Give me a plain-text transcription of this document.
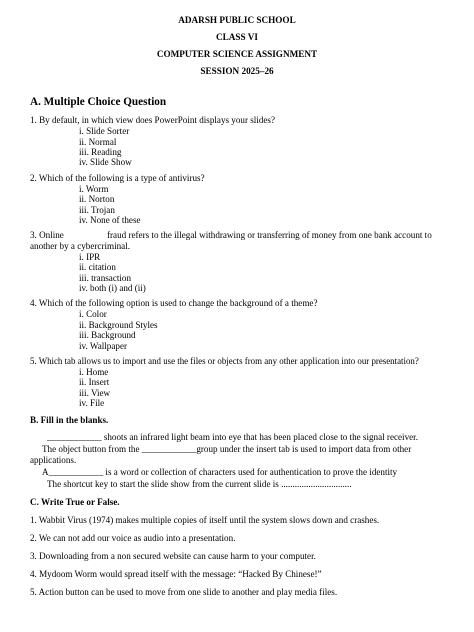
ADARSH PUBLIC SCHOOL
CLASS VI
COMPUTER SCIENCE ASSIGNMENT
SESSION 2025–26
A. Multiple Choice Question
1. By default, in which view does PowerPoint displays your slides?
i. Slide Sorter
ii. Normal
iii. Reading
iv. Slide Show
2. Which of the following is a type of antivirus?
i. Worm
ii. Norton
iii. Trojan
iv. None of these
3. Online	fraud refers to the illegal withdrawing or transferring of money from one bank account to
another by a cybercriminal.
i. IPR
ii. citation
iii. transaction
iv. both (i) and (ii)
4. Which of the following option is used to change the background of a theme?
i. Color
ii. Background Styles
iii. Background
iv. Wallpaper
5. Which tab allows us to import and use the files or objects from any other application into our presentation?
i. Home
ii. Insert
iii. View
iv. File
B. Fill in the blanks.
____________ shoots an infrared light beam into eye that has been placed close to the signal receiver.
The object button from the ____________group under the insert tab is used to import data from other
applications.
A____________ is a word or collection of characters used for authentication to prove the identity
The shortcut key to start the slide show from the current slide is ...............................
C. Write True or False.
1. Wabbit Virus (1974) makes multiple copies of itself until the system slows down and crashes.
2. We can not add our voice as audio into a presentation.
3. Downloading from a non secured website can cause harm to your computer.
4. Mydoom Worm would spread itself with the message: “Hacked By Chinese!”
5. Action button can be used to move from one slide to another and play media files.
